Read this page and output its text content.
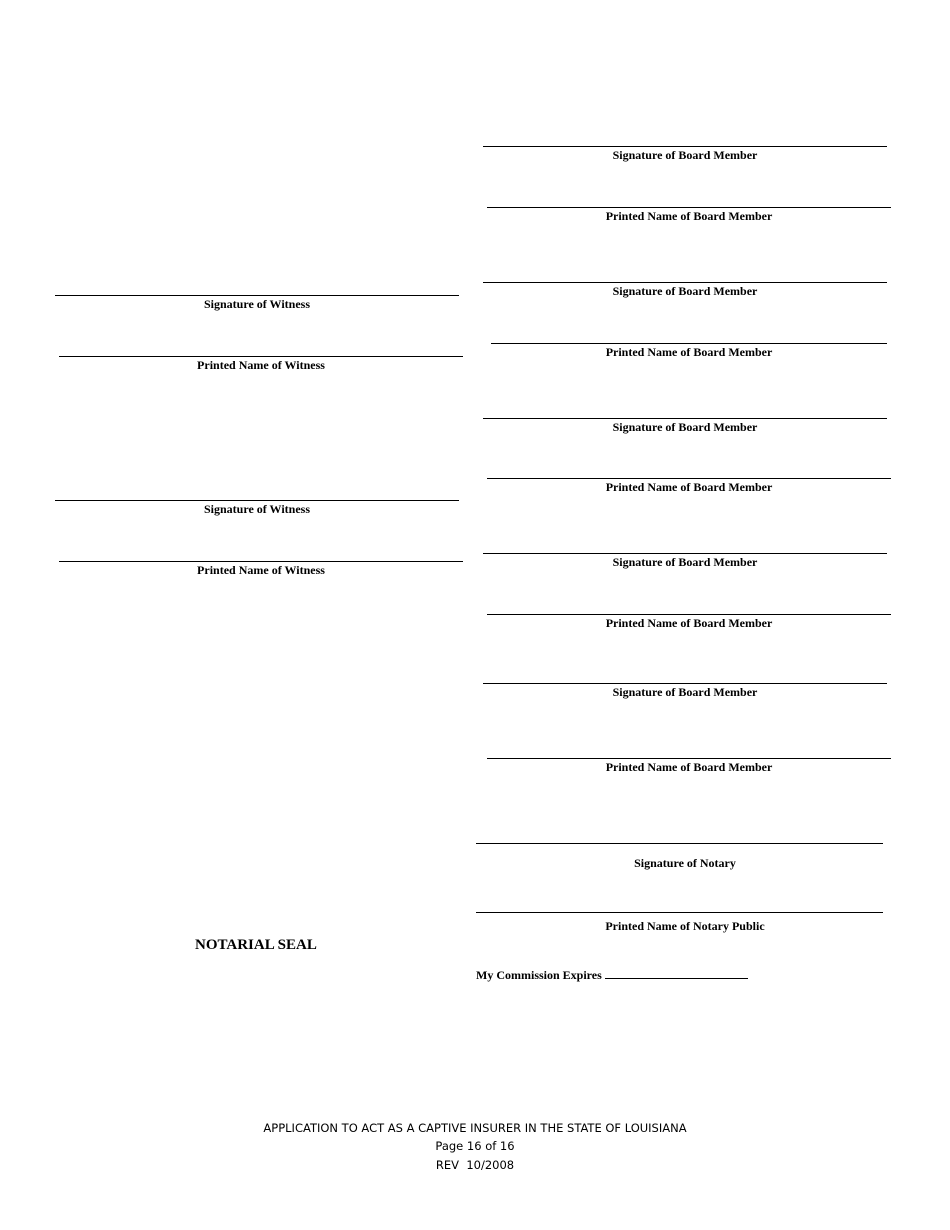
Signature of Board Member
Printed Name of Board Member
Signature of Board Member
Printed Name of Board Member
Signature of Board Member
Printed Name of Board Member
Signature of Board Member
Printed Name of Board Member
Signature of Board Member
Printed Name of Board Member
Signature of Witness
Printed Name of Witness
Signature of Witness
Printed Name of Witness
Signature of Notary
Printed Name of Notary Public
NOTARIAL SEAL
My Commission Expires
APPLICATION TO ACT AS A CAPTIVE INSURER IN THE STATE OF LOUISIANA
Page 16 of 16
REV  10/2008
